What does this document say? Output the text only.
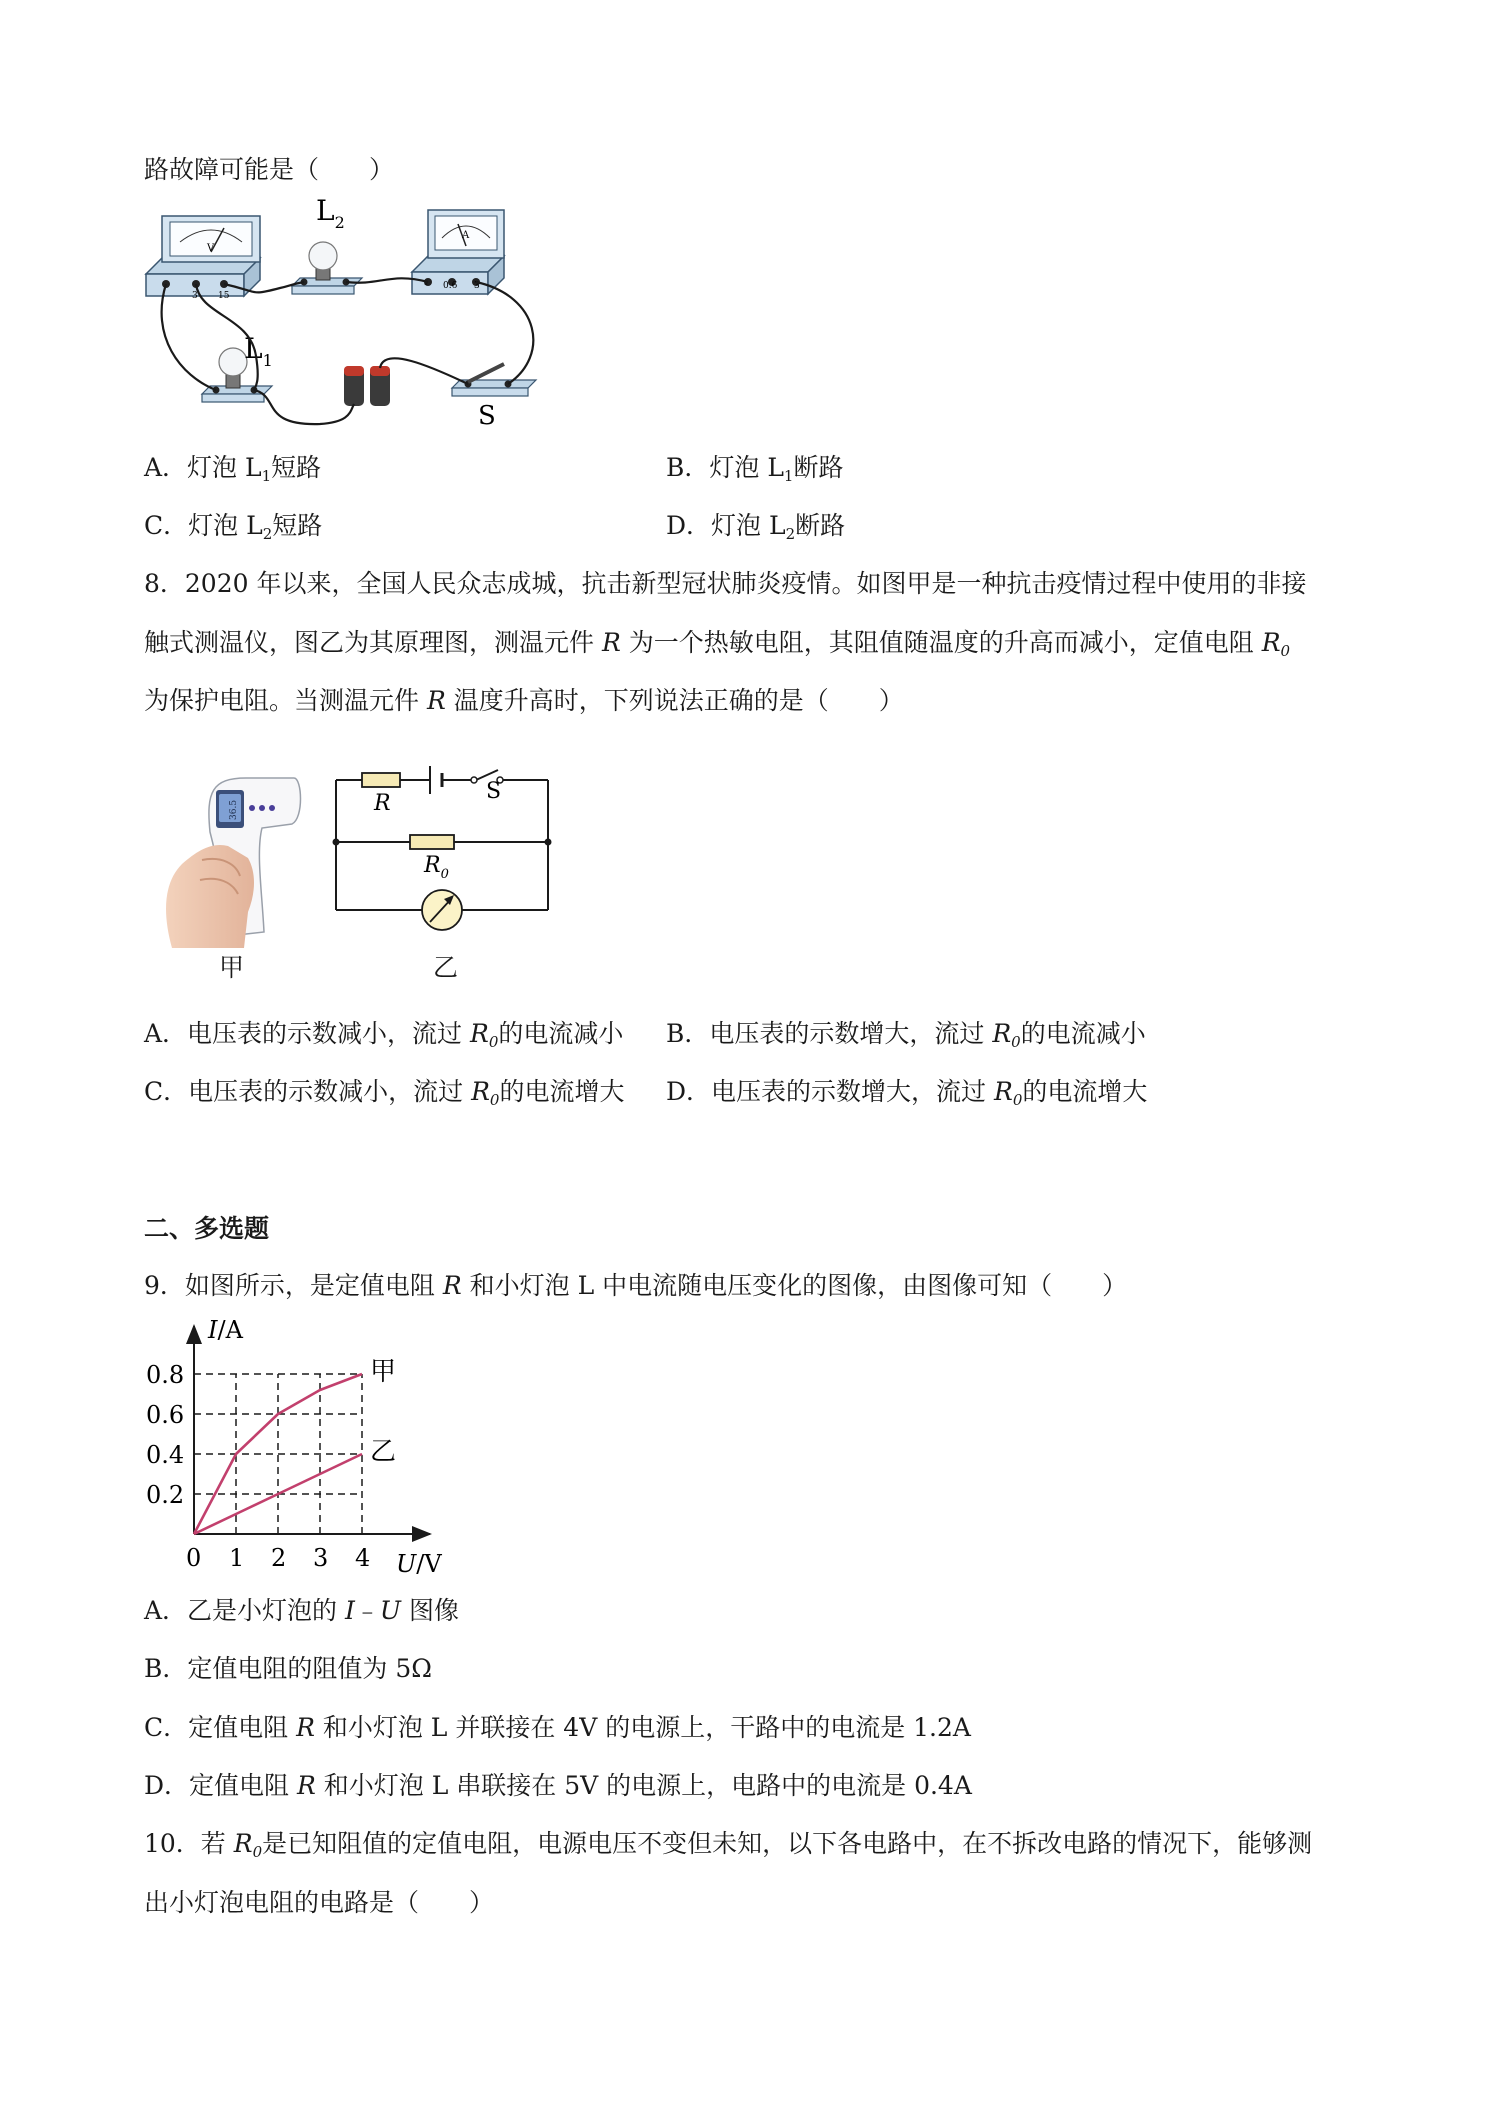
路故障可能是（　　）
V
-	3 15
A
- 0.6 3
$L_2$
$L_1$
S
A．灯泡 $L_1$短路	B．灯泡 $L_1$断路
C．灯泡 $L_2$短路	D．灯泡 $L_2$断路
8．2020 年以来，全国人民众志成城，抗击新型冠状肺炎疫情。如图甲是一种抗击疫情过程中使用的非接
触式测温仪，图乙为其原理图，测温元件 R 为一个热敏电阻，其阻值随温度的升高而减小，定值电阻 $R_0$
为保护电阻。当测温元件 R 温度升高时，下列说法正确的是（　　）
36.5
甲
R	S
$R_0$
乙
A．电压表的示数减小，流过 $R_0$的电流减小 B．电压表的示数增大，流过 $R_0$的电流减小
C．电压表的示数减小，流过 $R_0$的电流增大 D．电压表的示数增大，流过 $R_0$的电流增大
二、多选题
9．如图所示，是定值电阻 R 和小灯泡 L 中电流随电压变化的图像，由图像可知（　　）
甲
乙
1 2 3 4
0.2
0.4
0.6
0.8
I/A
U/V
0
A．乙是小灯泡的 I﹣U 图像
B．定值电阻的阻值为 5Ω
C．定值电阻 R 和小灯泡 L 并联接在 4V 的电源上，干路中的电流是 1.2A
D．定值电阻 R 和小灯泡 L 串联接在 5V 的电源上，电路中的电流是 0.4A
10．若 $R_0$是已知阻值的定值电阻，电源电压不变但未知，以下各电路中，在不拆改电路的情况下，能够测
出小灯泡电阻的电路是（　　）
